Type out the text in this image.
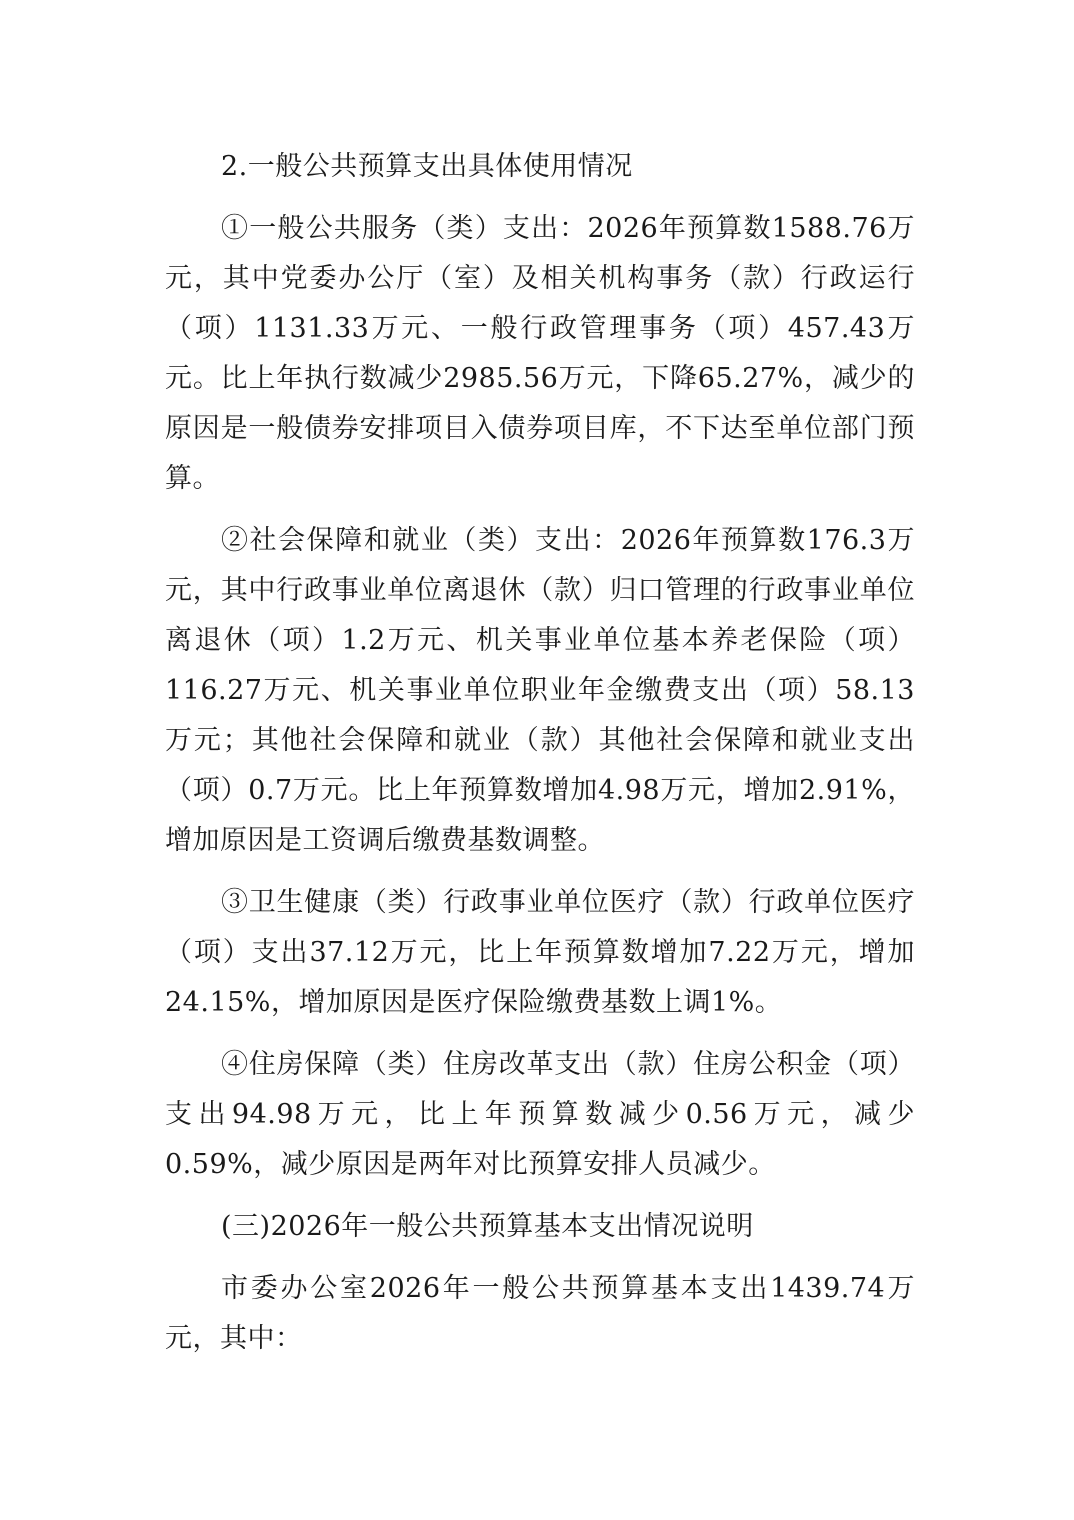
2.一般公共预算支出具体使用情况

①一般公共服务（类）支出：2026年预算数1588.76万元，其中党委办公厅（室）及相关机构事务（款）行政运行（项）1131.33万元、一般行政管理事务（项）457.43万元。比上年执行数减少2985.56万元，下降65.27%，减少的原因是一般债券安排项目入债券项目库，不下达至单位部门预算。

②社会保障和就业（类）支出：2026年预算数176.3万元，其中行政事业单位离退休（款）归口管理的行政事业单位离退休（项）1.2万元、机关事业单位基本养老保险（项）116.27万元、机关事业单位职业年金缴费支出（项）58.13万元；其他社会保障和就业（款）其他社会保障和就业支出（项）0.7万元。比上年预算数增加4.98万元，增加2.91%，增加原因是工资调后缴费基数调整。

③卫生健康（类）行政事业单位医疗（款）行政单位医疗（项）支出37.12万元，比上年预算数增加7.22万元，增加24.15%，增加原因是医疗保险缴费基数上调1%。

④住房保障（类）住房改革支出（款）住房公积金（项）支出94.98万元，比上年预算数减少0.56万元，减少0.59%，减少原因是两年对比预算安排人员减少。

(三)2026年一般公共预算基本支出情况说明

市委办公室2026年一般公共预算基本支出1439.74万元，其中：
